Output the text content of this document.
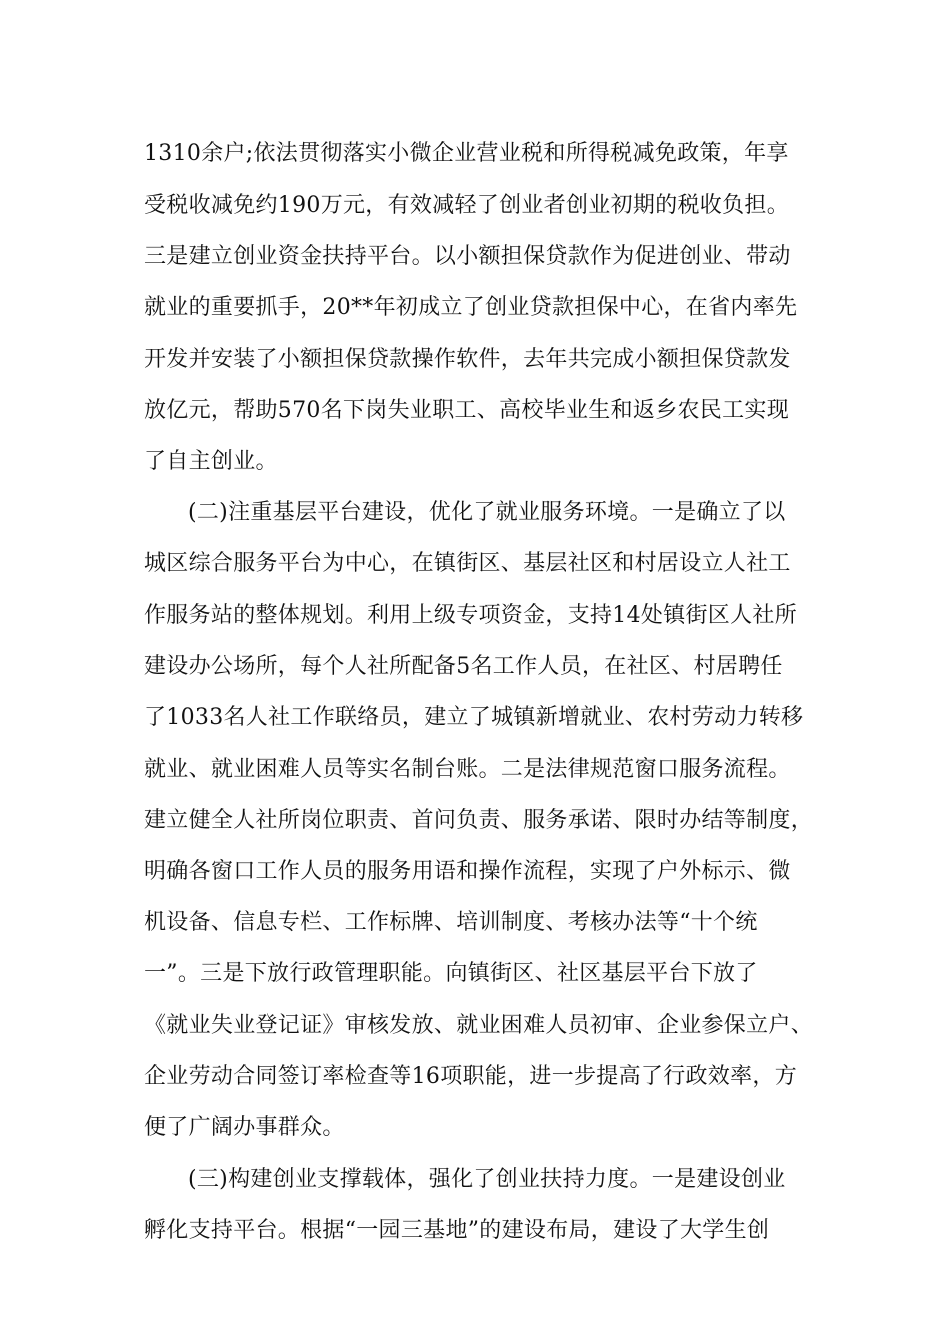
1310余户;依法贯彻落实小微企业营业税和所得税减免政策，年享
受税收减免约190万元，有效减轻了创业者创业初期的税收负担。
三是建立创业资金扶持平台。以小额担保贷款作为促进创业、带动
就业的重要抓手，20**年初成立了创业贷款担保中心，在省内率先
开发并安装了小额担保贷款操作软件，去年共完成小额担保贷款发
放亿元，帮助570名下岗失业职工、高校毕业生和返乡农民工实现
了自主创业。
(二)注重基层平台建设，优化了就业服务环境。一是确立了以
城区综合服务平台为中心，在镇街区、基层社区和村居设立人社工
作服务站的整体规划。利用上级专项资金，支持14处镇街区人社所
建设办公场所，每个人社所配备5名工作人员，在社区、村居聘任
了1033名人社工作联络员，建立了城镇新增就业、农村劳动力转移
就业、就业困难人员等实名制台账。二是法律规范窗口服务流程。
建立健全人社所岗位职责、首问负责、服务承诺、限时办结等制度，
明确各窗口工作人员的服务用语和操作流程，实现了户外标示、微
机设备、信息专栏、工作标牌、培训制度、考核办法等“十个统
一”。三是下放行政管理职能。向镇街区、社区基层平台下放了
《就业失业登记证》审核发放、就业困难人员初审、企业参保立户、
企业劳动合同签订率检查等16项职能，进一步提高了行政效率，方
便了广阔办事群众。
(三)构建创业支撑载体，强化了创业扶持力度。一是建设创业
孵化支持平台。根据“一园三基地”的建设布局，建设了大学生创
